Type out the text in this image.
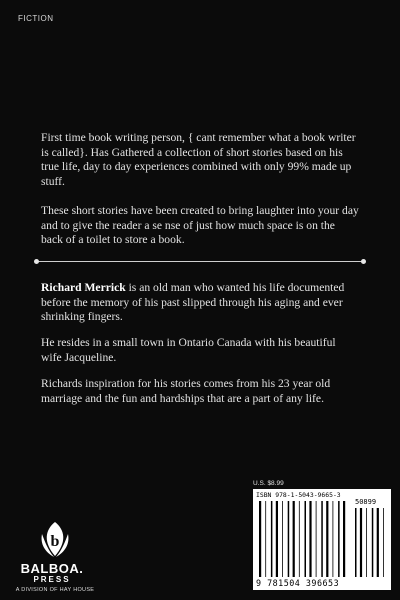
FICTION

First time book writing person, { cant remember what a book writer is called}. Has Gathered a collection of short stories based on his true life, day to day experiences combined with only 99% made up stuff.

These short stories have been created to bring laughter into your day and to give the reader a se nse of just how much space is on the back of a toilet to store a book.

Richard Merrick is an old man who wanted his life documented before the memory of his past slipped through his aging and ever shrinking fingers.

He resides in a small town in Ontario Canada with his beautiful wife Jacqueline.

Richards inspiration for his stories comes from his 23 year old marriage and the fun and hardships that are a part of any life.

b
BALBOA.
PRESS
A DIVISION OF HAY HOUSE
U.S. $8.99
ISBN 978-1-5043-9665-3
50899
9 781504 396653
